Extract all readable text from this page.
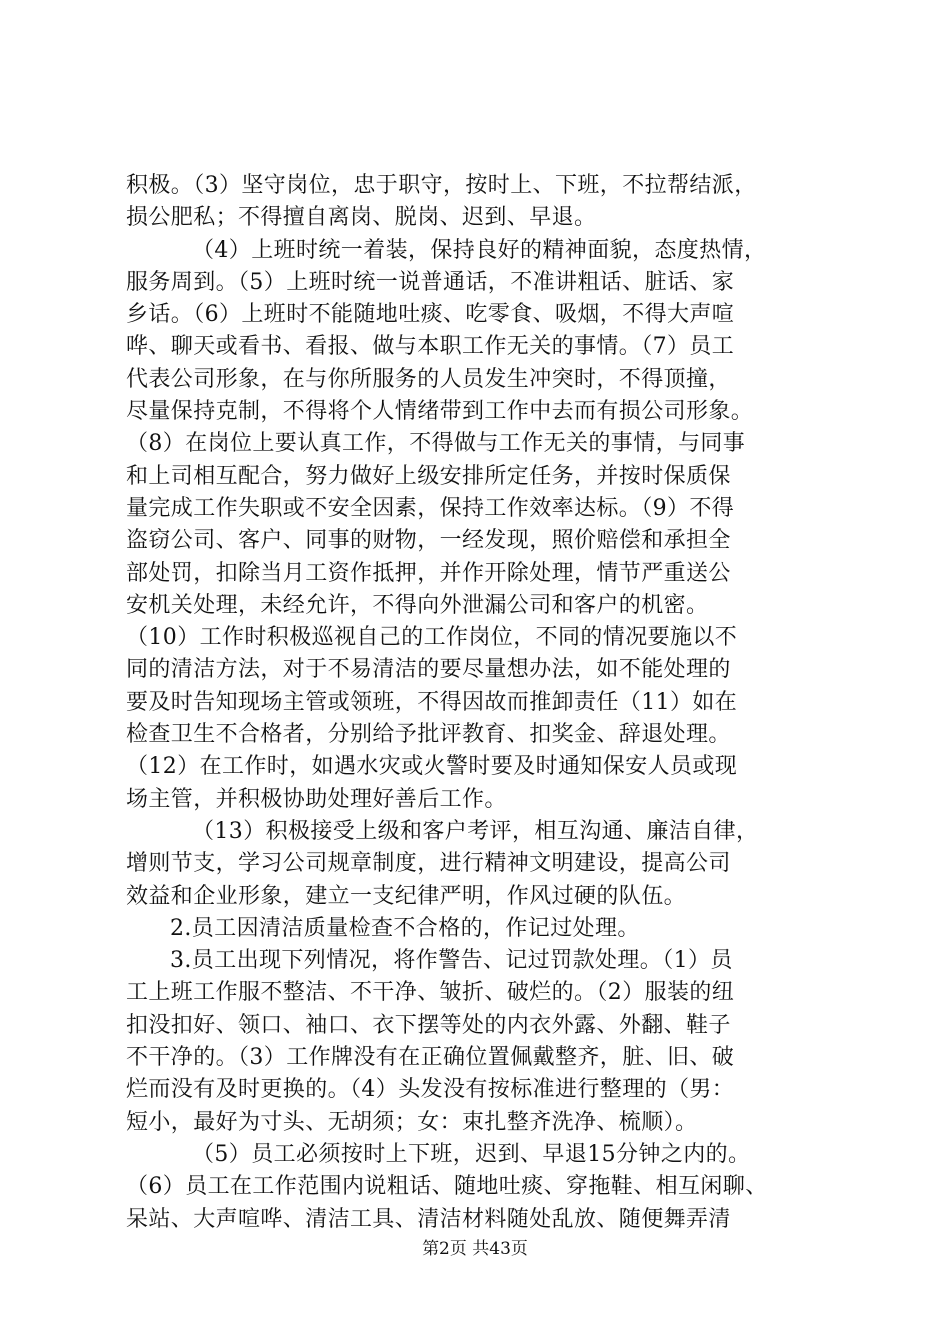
积极。（3）坚守岗位，忠于职守，按时上、下班，不拉帮结派，
损公肥私；不得擅自离岗、脱岗、迟到、早退。
（4）上班时统一着装，保持良好的精神面貌，态度热情，
服务周到。（5）上班时统一说普通话，不准讲粗话、脏话、家
乡话。（6）上班时不能随地吐痰、吃零食、吸烟，不得大声喧
哗、聊天或看书、看报、做与本职工作无关的事情。（7）员工
代表公司形象，在与你所服务的人员发生冲突时，不得顶撞，
尽量保持克制，不得将个人情绪带到工作中去而有损公司形象。
（8）在岗位上要认真工作，不得做与工作无关的事情，与同事
和上司相互配合，努力做好上级安排所定任务，并按时保质保
量完成工作失职或不安全因素，保持工作效率达标。（9）不得
盗窃公司、客户、同事的财物，一经发现，照价赔偿和承担全
部处罚，扣除当月工资作抵押，并作开除处理，情节严重送公
安机关处理，未经允许，不得向外泄漏公司和客户的机密。
（10）工作时积极巡视自己的工作岗位，不同的情况要施以不
同的清洁方法，对于不易清洁的要尽量想办法，如不能处理的
要及时告知现场主管或领班，不得因故而推卸责任（11）如在
检查卫生不合格者，分别给予批评教育、扣奖金、辞退处理。
（12）在工作时，如遇水灾或火警时要及时通知保安人员或现
场主管，并积极协助处理好善后工作。
（13）积极接受上级和客户考评，相互沟通、廉洁自律，
增则节支，学习公司规章制度，进行精神文明建设，提高公司
效益和企业形象，建立一支纪律严明，作风过硬的队伍。
2.员工因清洁质量检查不合格的，作记过处理。
3.员工出现下列情况，将作警告、记过罚款处理。（1）员
工上班工作服不整洁、不干净、皱折、破烂的。（2）服装的纽
扣没扣好、领口、袖口、衣下摆等处的内衣外露、外翻、鞋子
不干净的。（3）工作牌没有在正确位置佩戴整齐，脏、旧、破
烂而没有及时更换的。（4）头发没有按标准进行整理的（男：
短小，最好为寸头、无胡须；女：束扎整齐洗净、梳顺）。
（5）员工必须按时上下班，迟到、早退15分钟之内的。
（6）员工在工作范围内说粗话、随地吐痰、穿拖鞋、相互闲聊、
呆站、大声喧哗、清洁工具、清洁材料随处乱放、随便舞弄清
第2页 共43页
